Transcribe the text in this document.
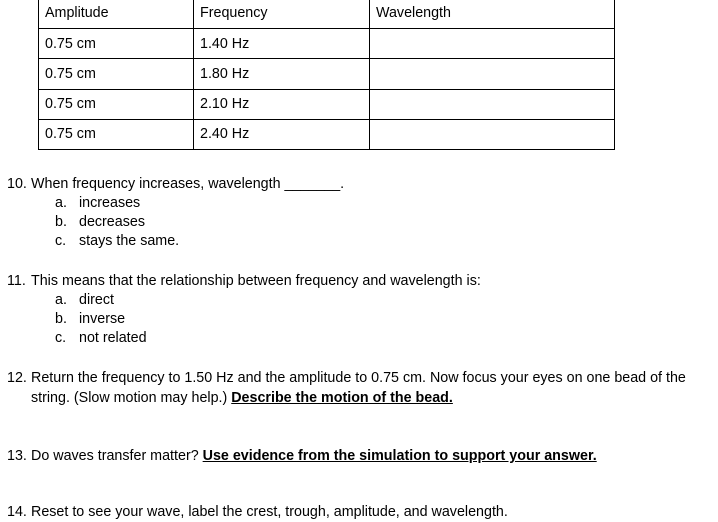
Amplitude	Frequency	Wavelength
0.75 cm	1.40 Hz	
0.75 cm	1.80 Hz	
0.75 cm	2.10 Hz	
0.75 cm	2.40 Hz	
10. When frequency increases, wavelength _______.
a. increases
b. decreases
c. stays the same.
11. This means that the relationship between frequency and wavelength is:
a. direct
b. inverse
c. not related
12. Return the frequency to 1.50 Hz and the amplitude to 0.75 cm. Now focus your eyes on one bead of the string. (Slow motion may help.) Describe the motion of the bead.
13. Do waves transfer matter? Use evidence from the simulation to support your answer.
14. Reset to see your wave, label the crest, trough, amplitude, and wavelength.
